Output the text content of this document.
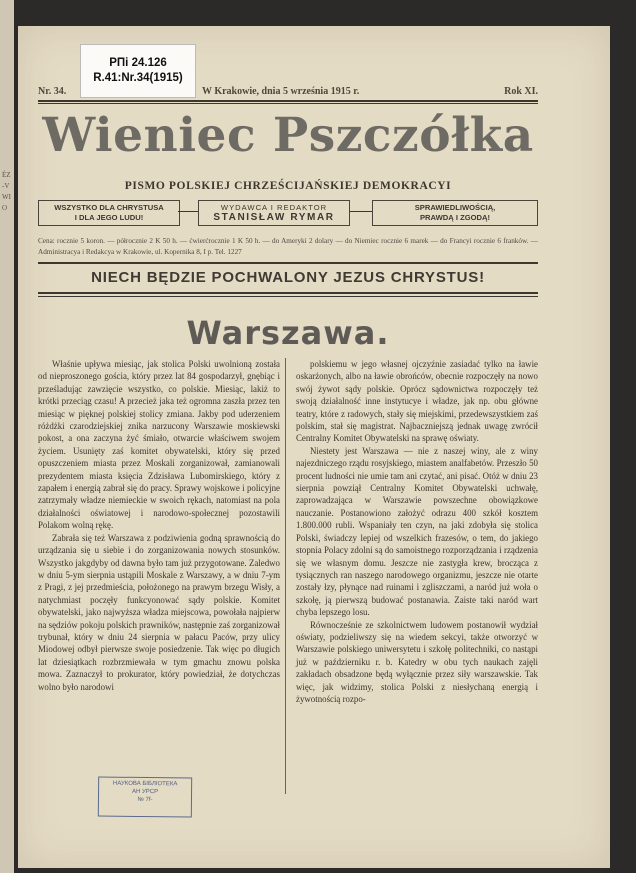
ÉZ-VWIO
РПі 24.126
R.41:Nr.34(1915)
Nr. 34.	W Krakowie, dnia 5 września 1915 r.	Rok XI.
Wieniec Pszczółka
PISMO POLSKIEJ CHRZEŚCIJAŃSKIEJ DEMOKRACYI
WSZYSTKO DLA CHRYSTUSA
I DLA JEGO LUDU!
WYDAWCA I REDAKTOR
STANISŁAW RYMAR
SPRAWIEDLIWOŚCIĄ,
PRAWDĄ I ZGODĄ!
Cena: rocznie 5 koron. — półrocznie 2 K 50 h. — ćwierćrocznie 1 K 50 h. — do Ameryki 2 dolary — do Niemiec rocznie 6 marek — do Francyi rocznie 6 franków. — Administracya i Redakcya w Krakowie, ul. Kopernika 8, I p. Tel. 1227
NIECH BĘDZIE POCHWALONY JEZUS CHRYSTUS!
Warszawa.

Właśnie upływa miesiąc, jak stolica Polski uwolnioną została od nieproszonego gościa, który przez lat 84 gospodarzył, gnębiąc i prześladując zawzięcie wszystko, co polskie. Miesiąc, lakiż to krótki przeciąg czasu! A przecież jaka też ogromna zaszła przez ten miesiąc w pięknej polskiej stolicy zmiana. Jakby pod uderzeniem różdżki czarodziejskiej znika narzucony Warszawie moskiewski pokost, a ona zaczyna żyć śmiało, otwarcie właściwem swojem życiem. Usunięty zaś komitet obywatelski, który się przed opuszczeniem miasta przez Moskali zorganizował, zamianowali prezydentem miasta księcia Zdzisława Lubomirskiego, który z zapałem i energią zabrał się do pracy. Sprawy wojskowe i policyjne zatrzymały władze niemieckie w swoich rękach, natomiast na pola działalności oświatowej i narodowo-społecznej pozostawili Polakom wolną rękę.

Zabrała się też Warszawa z podziwienia godną sprawnością do urządzania się u siebie i do zorganizowania nowych stosunków. Wszystko jakgdyby od dawna było tam już przygotowane. Zaledwo w dniu 5-ym sierpnia ustąpili Moskale z Warszawy, a w dniu 7-ym z Pragi, z jej przedmieścia, położonego na prawym brzegu Wisły, a natychmiast poczęły funkcyonować sądy polskie. Komitet obywatelski, jako najwyższa władza miejscowa, powołała najpierw na sędziów pokoju polskich prawników, następnie zaś zorganizował trybunał, który w dniu 24 sierpnia w pałacu Paców, przy ulicy Miodowej odbył pierwsze swoje posiedzenie. Tak więc po długich lat dziesiątkach rozbrzmiewała w tym gmachu znowu polska mowa. Zaznaczył to prokurator, który powiedział, że dotychczas wolno było narodowi

polskiemu w jego własnej ojczyźnie zasiadać tylko na ławie oskarżonych, albo na ławie obrońców, obecnie rozpoczęły na nowo swój żywot sądy polskie. Oprócz sądownictwa rozpoczęły też swoją działalność inne instytucye i władze, jak np. obu główne teatry, które z radowych, stały się miejskimi, przedewszystkiem zaś polskim, stał się magistrat. Najbaczniejszą jednak uwagę zwrócił Centralny Komitet Obywatelski na sprawę oświaty.

Niestety jest Warszawa — nie z naszej winy, ale z winy najezdniczego rządu rosyjskiego, miastem analfabetów. Przeszło 50 procent ludności nie umie tam ani czytać, ani pisać. Otóż w dniu 23 sierpnia powziął Centralny Komitet Obywatelski uchwałę, zaprowadzająca w Warszawie powszechne obowiązkowe nauczanie. Postanowiono założyć odrazu 400 szkół kosztem 1.800.000 rubli. Wspaniały ten czyn, na jaki zdobyła się stolica Polski, świadczy lepiej od wszelkich frazesów, o tem, do jakiego stopnia Polacy zdolni są do samoistnego rozporządzania i rządzenia się we własnym domu. Jeszcze nie zastygła krew, brocząca z tysiącznych ran naszego narodowego organizmu, jeszcze nie otarte zostały łzy, płynące nad ruinami i zgliszczami, a naród już woła o szkołę, ją pierwszą budować postanawia. Zaiste taki naród wart chyba lepszego losu.

Równocześnie ze szkolnictwem ludowem postanowił wydział oświaty, podzieliwszy się na wiedem sekcyi, także otworzyć w Warszawie polskiego uniwersytetu i szkołę politechniki, co nastąpi już w październiku r. b. Katedry w obu tych naukach zajęli zakładach obsadzone będą wyłącznie przez siły warszawskie. Tak więc, jak widzimy, stolica Polski z niesłychaną energią i żywotnością rozpo-

НАУКОВА БІБЛІОТЕКА
АН УРСР
№ 7f-
